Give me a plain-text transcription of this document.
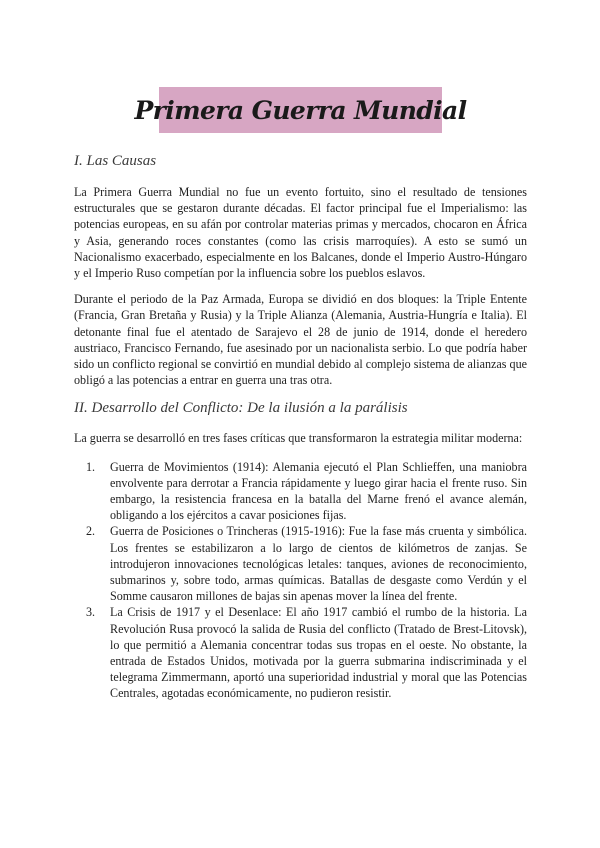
Primera Guerra Mundial
I. Las Causas

La Primera Guerra Mundial no fue un evento fortuito, sino el resultado de tensiones estructurales que se gestaron durante décadas. El factor principal fue el Imperialismo: las potencias europeas, en su afán por controlar materias primas y mercados, chocaron en África y Asia, generando roces constantes (como las crisis marroquíes). A esto se sumó un Nacionalismo exacerbado, especialmente en los Balcanes, donde el Imperio Austro-Húngaro y el Imperio Ruso competían por la influencia sobre los pueblos eslavos.

Durante el periodo de la Paz Armada, Europa se dividió en dos bloques: la Triple Entente (Francia, Gran Bretaña y Rusia) y la Triple Alianza (Alemania, Austria-Hungría e Italia). El detonante final fue el atentado de Sarajevo el 28 de junio de 1914, donde el heredero austriaco, Francisco Fernando, fue asesinado por un nacionalista serbio. Lo que podría haber sido un conflicto regional se convirtió en mundial debido al complejo sistema de alianzas que obligó a las potencias a entrar en guerra una tras otra.

II. Desarrollo del Conflicto: De la ilusión a la parálisis

La guerra se desarrolló en tres fases críticas que transformaron la estrategia militar moderna:

1. Guerra de Movimientos (1914): Alemania ejecutó el Plan Schlieffen, una maniobra envolvente para derrotar a Francia rápidamente y luego girar hacia el frente ruso. Sin embargo, la resistencia francesa en la batalla del Marne frenó el avance alemán, obligando a los ejércitos a cavar posiciones fijas.
2. Guerra de Posiciones o Trincheras (1915-1916): Fue la fase más cruenta y simbólica. Los frentes se estabilizaron a lo largo de cientos de kilómetros de zanjas. Se introdujeron innovaciones tecnológicas letales: tanques, aviones de reconocimiento, submarinos y, sobre todo, armas químicas. Batallas de desgaste como Verdún y el Somme causaron millones de bajas sin apenas mover la línea del frente.
3. La Crisis de 1917 y el Desenlace: El año 1917 cambió el rumbo de la historia. La Revolución Rusa provocó la salida de Rusia del conflicto (Tratado de Brest-Litovsk), lo que permitió a Alemania concentrar todas sus tropas en el oeste. No obstante, la entrada de Estados Unidos, motivada por la guerra submarina indiscriminada y el telegrama Zimmermann, aportó una superioridad industrial y moral que las Potencias Centrales, agotadas económicamente, no pudieron resistir.
